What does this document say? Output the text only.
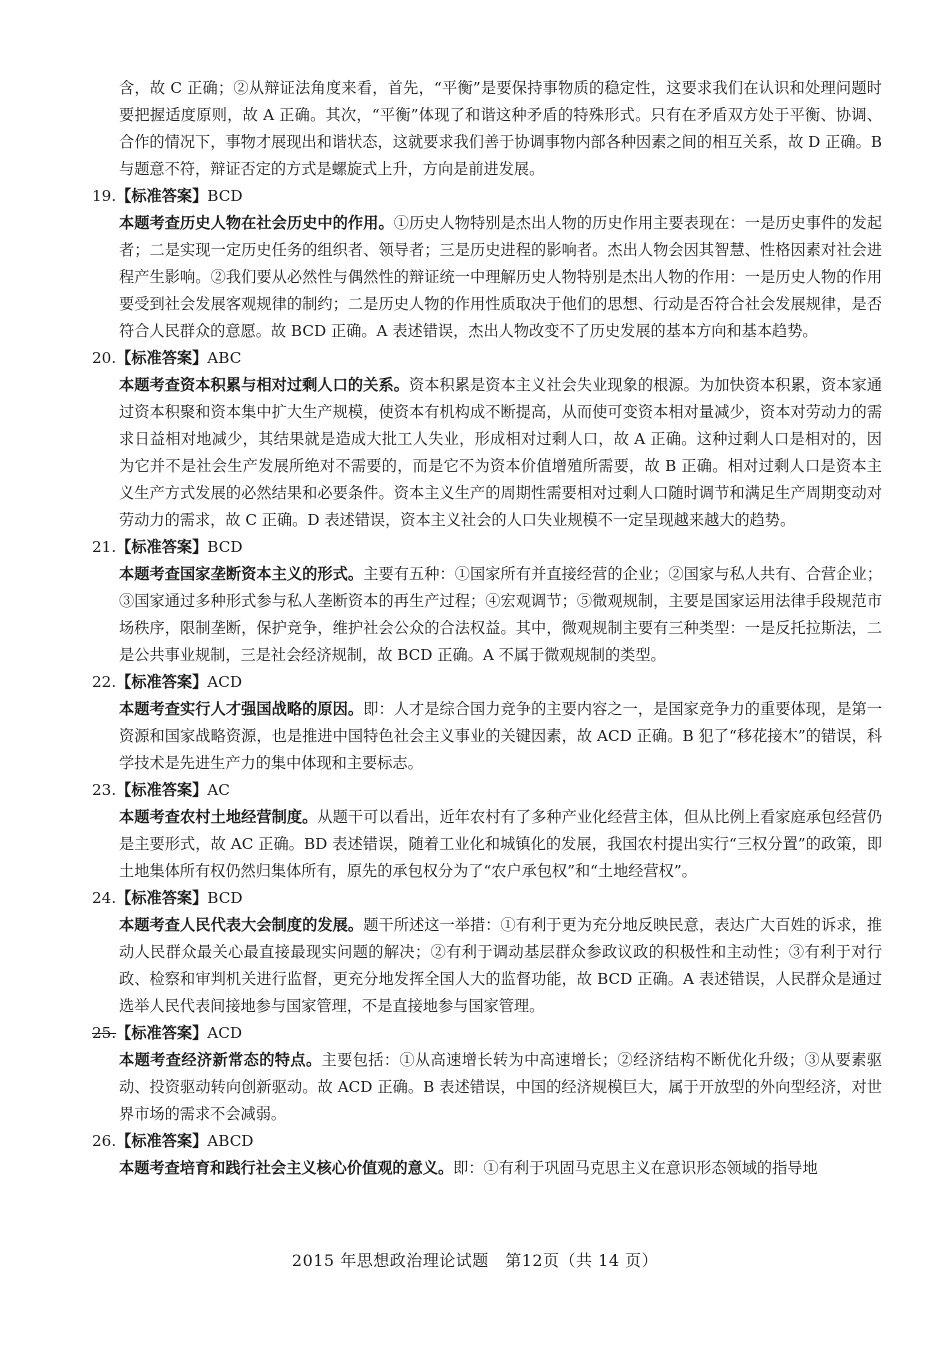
含，故 C 正确；②从辩证法角度来看，首先，“平衡”是要保持事物质的稳定性，这要求我们在认识和处理问题时要把握适度原则，故 A 正确。其次，“平衡”体现了和谐这种矛盾的特殊形式。只有在矛盾双方处于平衡、协调、合作的情况下，事物才展现出和谐状态，这就要求我们善于协调事物内部各种因素之间的相互关系，故 D 正确。B 与题意不符，辩证否定的方式是螺旋式上升，方向是前进发展。

19.【标准答案】BCD

本题考查历史人物在社会历史中的作用。①历史人物特别是杰出人物的历史作用主要表现在：一是历史事件的发起者；二是实现一定历史任务的组织者、领导者；三是历史进程的影响者。杰出人物会因其智慧、性格因素对社会进程产生影响。②我们要从必然性与偶然性的辩证统一中理解历史人物特别是杰出人物的作用：一是历史人物的作用要受到社会发展客观规律的制约；二是历史人物的作用性质取决于他们的思想、行动是否符合社会发展规律，是否符合人民群众的意愿。故 BCD 正确。A 表述错误，杰出人物改变不了历史发展的基本方向和基本趋势。

20.【标准答案】ABC

本题考查资本积累与相对过剩人口的关系。资本积累是资本主义社会失业现象的根源。为加快资本积累，资本家通过资本积聚和资本集中扩大生产规模，使资本有机构成不断提高，从而使可变资本相对量减少，资本对劳动力的需求日益相对地减少，其结果就是造成大批工人失业，形成相对过剩人口，故 A 正确。这种过剩人口是相对的，因为它并不是社会生产发展所绝对不需要的，而是它不为资本价值增殖所需要，故 B 正确。相对过剩人口是资本主义生产方式发展的必然结果和必要条件。资本主义生产的周期性需要相对过剩人口随时调节和满足生产周期变动对劳动力的需求，故 C 正确。D 表述错误，资本主义社会的人口失业规模不一定呈现越来越大的趋势。

21.【标准答案】BCD

本题考查国家垄断资本主义的形式。主要有五种：①国家所有并直接经营的企业；②国家与私人共有、合营企业；③国家通过多种形式参与私人垄断资本的再生产过程；④宏观调节；⑤微观规制，主要是国家运用法律手段规范市场秩序，限制垄断，保护竞争，维护社会公众的合法权益。其中，微观规制主要有三种类型：一是反托拉斯法，二是公共事业规制，三是社会经济规制，故 BCD 正确。A 不属于微观规制的类型。

22.【标准答案】ACD

本题考查实行人才强国战略的原因。即：人才是综合国力竞争的主要内容之一，是国家竞争力的重要体现，是第一资源和国家战略资源，也是推进中国特色社会主义事业的关键因素，故 ACD 正确。B 犯了“移花接木”的错误，科学技术是先进生产力的集中体现和主要标志。

23.【标准答案】AC

本题考查农村土地经营制度。从题干可以看出，近年农村有了多种产业化经营主体，但从比例上看家庭承包经营仍是主要形式，故 AC 正确。BD 表述错误，随着工业化和城镇化的发展，我国农村提出实行“三权分置”的政策，即土地集体所有权仍然归集体所有，原先的承包权分为了“农户承包权”和“土地经营权”。

24.【标准答案】BCD

本题考查人民代表大会制度的发展。题干所述这一举措：①有利于更为充分地反映民意，表达广大百姓的诉求，推动人民群众最关心最直接最现实问题的解决；②有利于调动基层群众参政议政的积极性和主动性；③有利于对行政、检察和审判机关进行监督，更充分地发挥全国人大的监督功能，故 BCD 正确。A 表述错误，人民群众是通过选举人民代表间接地参与国家管理，不是直接地参与国家管理。

25.【标准答案】ACD

本题考查经济新常态的特点。主要包括：①从高速增长转为中高速增长；②经济结构不断优化升级；③从要素驱动、投资驱动转向创新驱动。故 ACD 正确。B 表述错误，中国的经济规模巨大，属于开放型的外向型经济，对世界市场的需求不会减弱。

26.【标准答案】ABCD

本题考查培育和践行社会主义核心价值观的意义。即：①有利于巩固马克思主义在意识形态领域的指导地

2015 年思想政治理论试题　第12页（共 14 页）
